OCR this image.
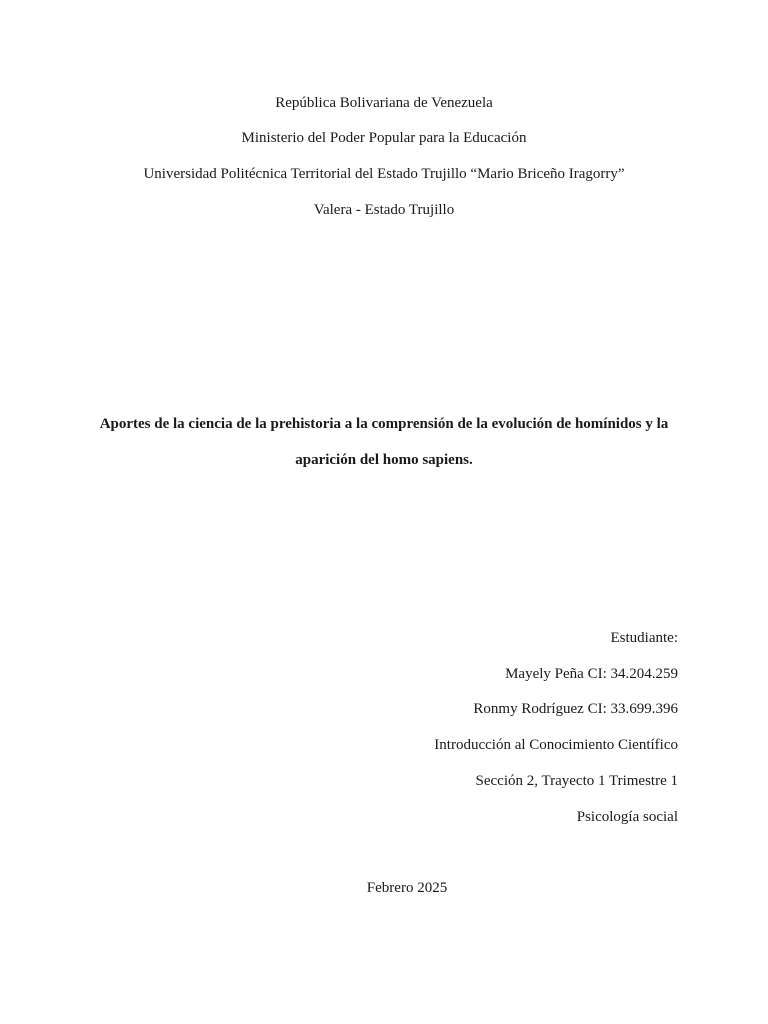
República Bolivariana de Venezuela
Ministerio del Poder Popular para la Educación
Universidad Politécnica Territorial del Estado Trujillo “Mario Briceño Iragorry”
Valera - Estado Trujillo
Aportes de la ciencia de la prehistoria a la comprensión de la evolución de homínidos y la
aparición del homo sapiens.
Estudiante:
Mayely Peña CI: 34.204.259
Ronmy Rodríguez CI: 33.699.396
Introducción al Conocimiento Científico
Sección 2, Trayecto 1 Trimestre 1
Psicología social
Febrero 2025
